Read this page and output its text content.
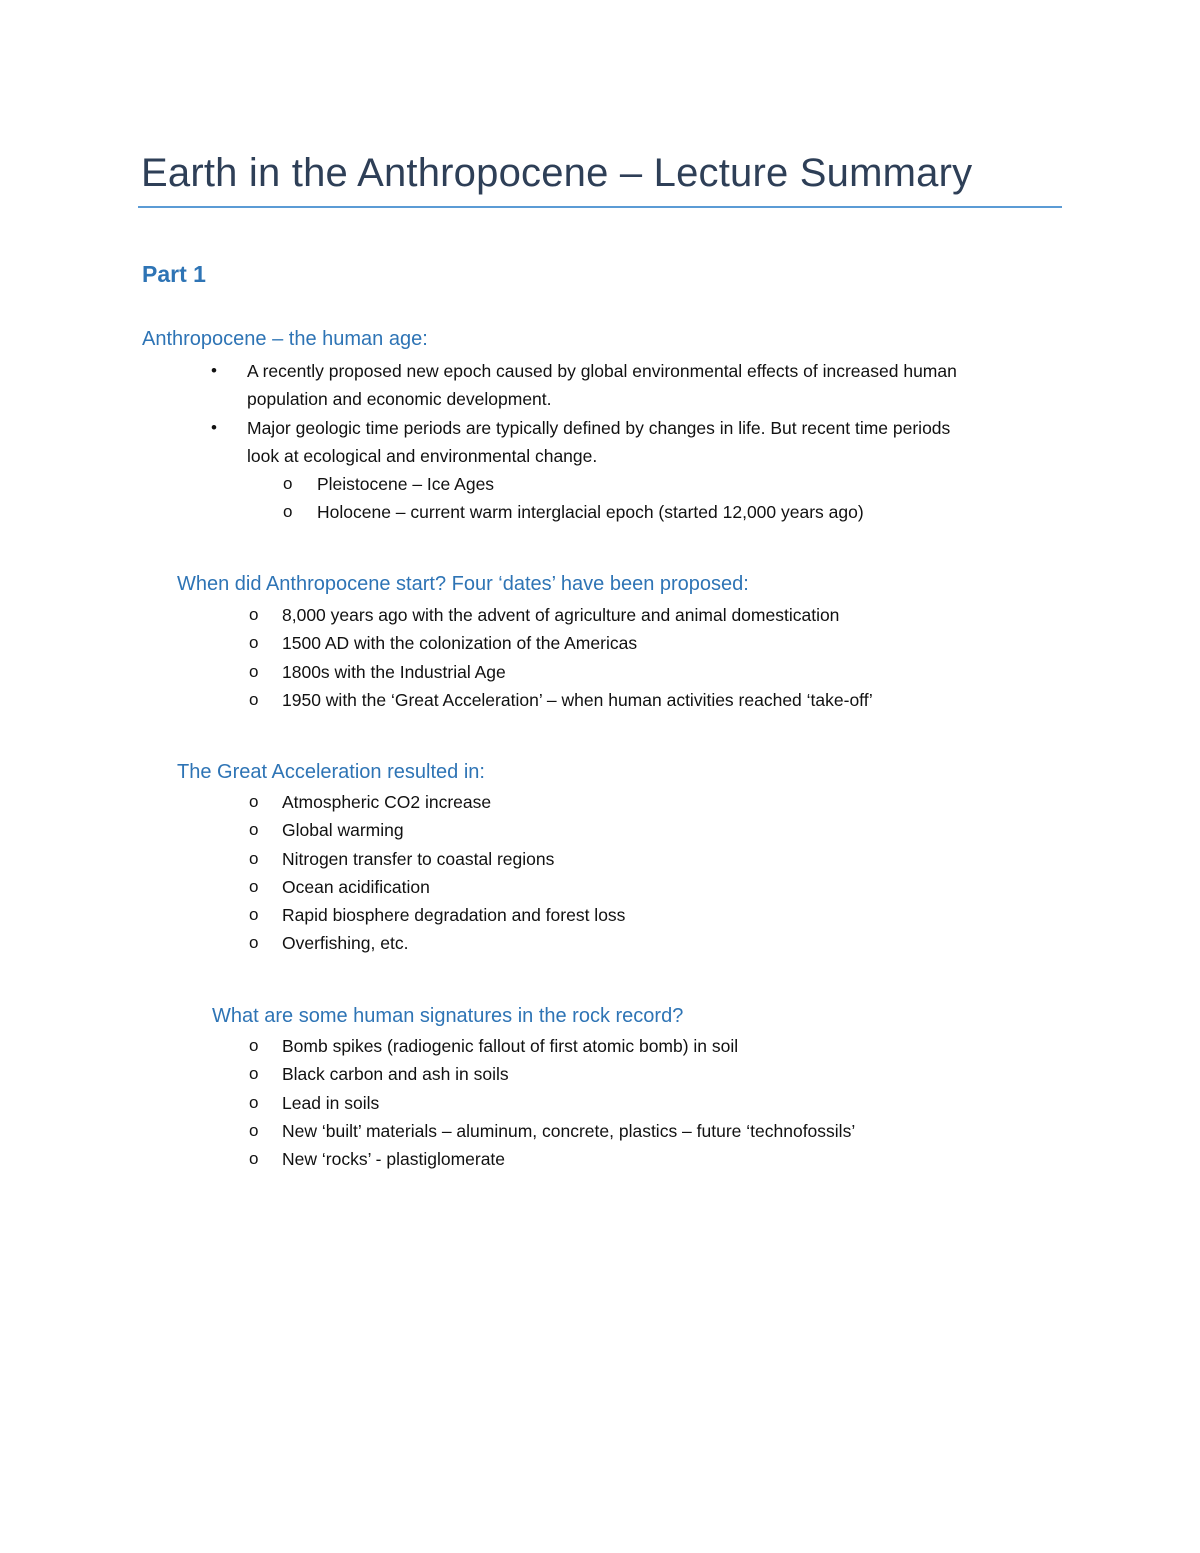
Earth in the Anthropocene – Lecture Summary
Part 1
Anthropocene – the human age:
• A recently proposed new epoch caused by global environmental effects of increased human
population and economic development.
• Major geologic time periods are typically defined by changes in life. But recent time periods
look at ecological and environmental change.
o Pleistocene – Ice Ages
o Holocene – current warm interglacial epoch (started 12,000 years ago)
When did Anthropocene start? Four ‘dates’ have been proposed:
o 8,000 years ago with the advent of agriculture and animal domestication
o 1500 AD with the colonization of the Americas
o 1800s with the Industrial Age
o 1950 with the ‘Great Acceleration’ – when human activities reached ‘take-off’
The Great Acceleration resulted in:
o Atmospheric CO2 increase
o Global warming
o Nitrogen transfer to coastal regions
o Ocean acidification
o Rapid biosphere degradation and forest loss
o Overfishing, etc.
What are some human signatures in the rock record?
o Bomb spikes (radiogenic fallout of first atomic bomb) in soil
o Black carbon and ash in soils
o Lead in soils
o New ‘built’ materials – aluminum, concrete, plastics – future ‘technofossils’
o New ‘rocks’ - plastiglomerate
